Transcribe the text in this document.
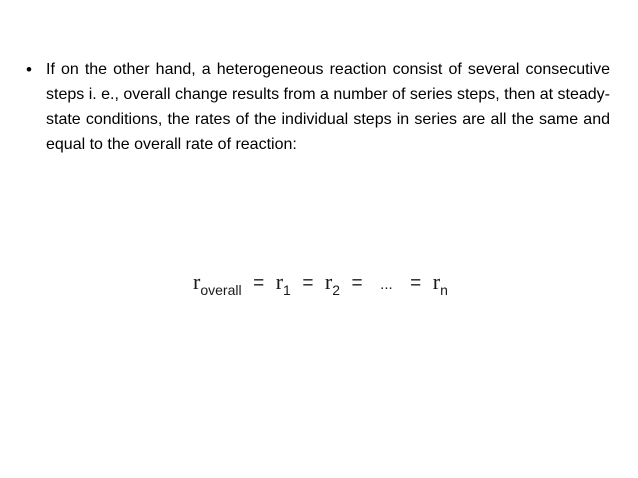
• If on the other hand, a heterogeneous reaction consist of several consecutive steps i. e., overall change results from a number of series steps, then at steady-state conditions, the rates of the individual steps in series are all the same and equal to the overall rate of reaction:

$r_{overall} = r_1 = r_2$ = ... = $r_n$
